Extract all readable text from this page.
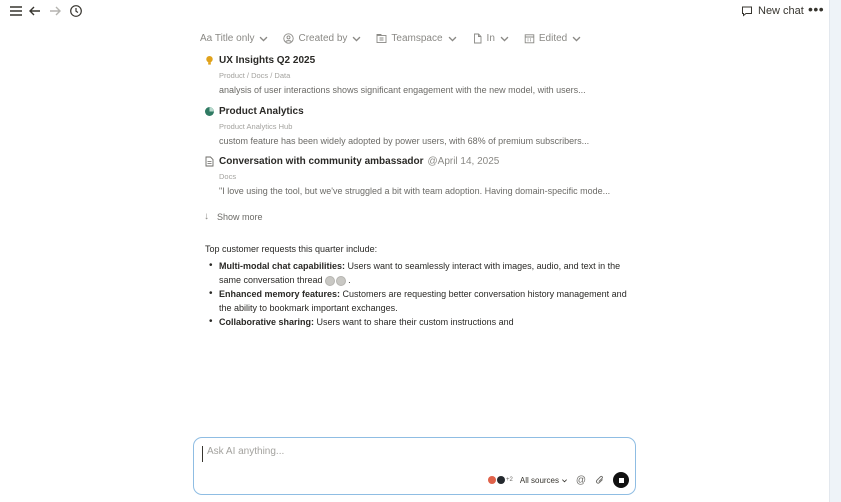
New chat •••
Aa Title only	Created by	Teamspace	In	Edited
UX Insights Q2 2025
Product / Docs / Data
analysis of user interactions shows significant engagement with the new model, with users...
Product Analytics
Product Analytics Hub
custom feature has been widely adopted by power users, with 68% of premium subscribers...
Conversation with community ambassador @April 14, 2025
Docs
"I love using the tool, but we've struggled a bit with team adoption. Having domain-specific mode...
↓ Show more
Top customer requests this quarter include:
• Multi-modal chat capabilities: Users want to seamlessly interact with images, audio, and text in the same conversation thread	.
• Enhanced memory features: Customers are requesting better conversation history management and the ability to bookmark important exchanges.
• Collaborative sharing: Users want to share their custom instructions and
Ask AI anything...
+2 All sources @
